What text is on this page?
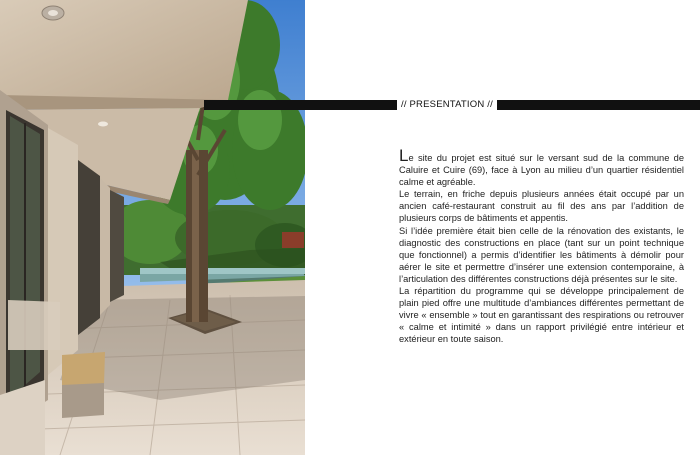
// PRESENTATION //

Le site du projet est situé sur le versant sud de la commune de Caluire et Cuire (69), face à Lyon au milieu d’un quartier résidentiel calme et agréable.

Le terrain, en friche depuis plusieurs années était occupé par un ancien café-restaurant construit au fil des ans par l’addition de plusieurs corps de bâtiments et appentis.

Si l’idée première était bien celle de la rénovation des existants, le diagnostic des constructions en place (tant sur un point technique que fonctionnel) a permis d’identifier les bâtiments à démolir pour aérer le site et permettre d’insérer une extension contemporaine, à l’articulation des différentes constructions déjà présentes sur le site.

La répartition du programme qui se développe principalement de plain pied offre une multitude d’ambiances différentes permettant de vivre « ensemble » tout en garantissant des respirations ou retrouver « calme et intimité » dans un rapport privilégié entre intérieur et extérieur en toute saison.
